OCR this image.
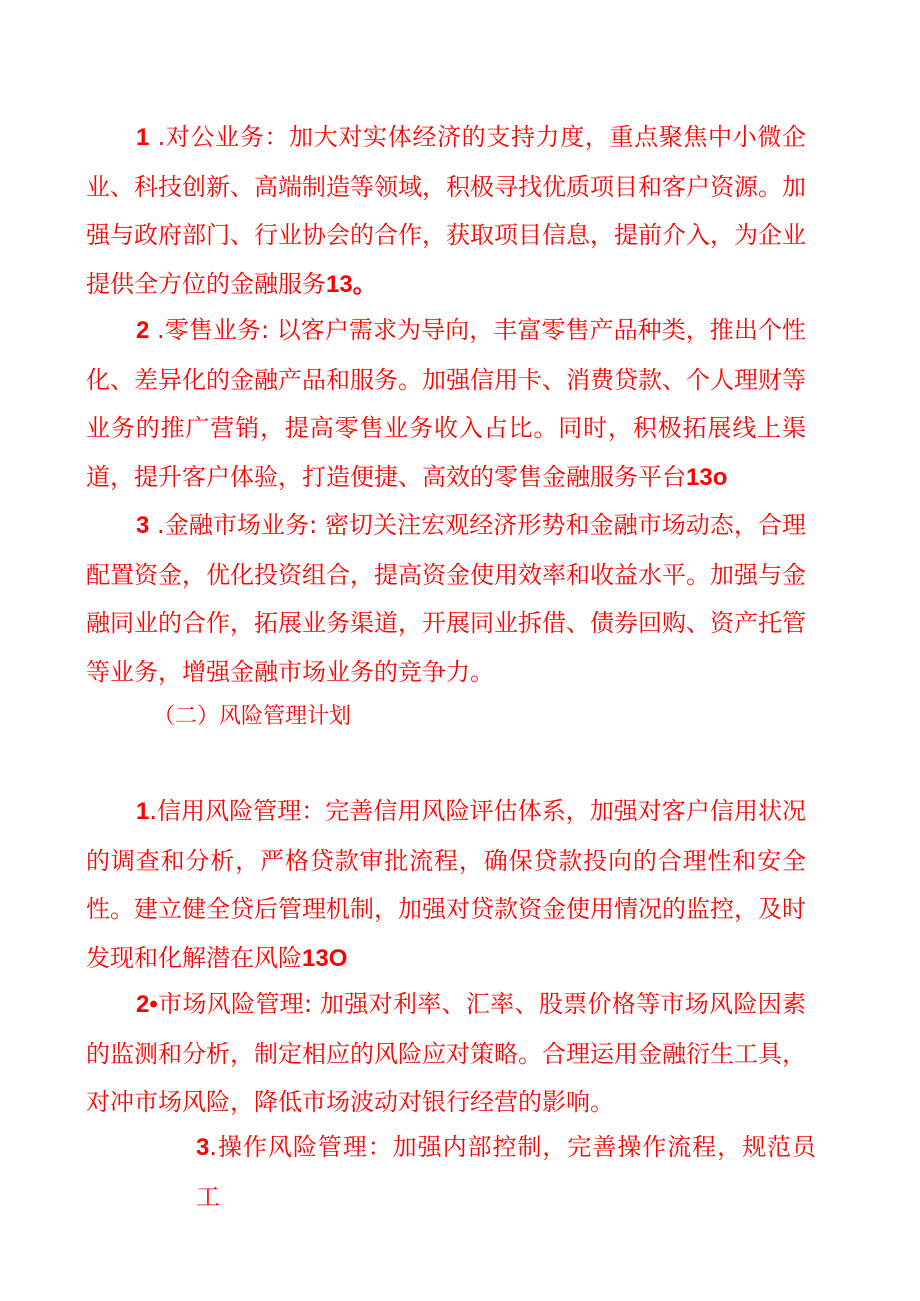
1 .对公业务：加大对实体经济的支持力度，重点聚焦中小微企业、科技创新、高端制造等领域，积极寻找优质项目和客户资源。加强与政府部门、行业协会的合作，获取项目信息，提前介入，为企业提供全方位的金融服务13。

2 .零售业务: 以客户需求为导向，丰富零售产品种类，推出个性化、差异化的金融产品和服务。加强信用卡、消费贷款、个人理财等业务的推广营销，提高零售业务收入占比。同时，积极拓展线上渠道，提升客户体验，打造便捷、高效的零售金融服务平台13o

3 .金融市场业务: 密切关注宏观经济形势和金融市场动态，合理配置资金，优化投资组合，提高资金使用效率和收益水平。加强与金融同业的合作，拓展业务渠道，开展同业拆借、债券回购、资产托管等业务，增强金融市场业务的竞争力。

（二）风险管理计划

1.信用风险管理：完善信用风险评估体系，加强对客户信用状况的调查和分析，严格贷款审批流程，确保贷款投向的合理性和安全性。建立健全贷后管理机制，加强对贷款资金使用情况的监控，及时发现和化解潜在风险13O

2•市场风险管理: 加强对利率、汇率、股票价格等市场风险因素的监测和分析，制定相应的风险应对策略。合理运用金融衍生工具，对冲市场风险，降低市场波动对银行经营的影响。

3.操作风险管理：加强内部控制，完善操作流程，规范员工
